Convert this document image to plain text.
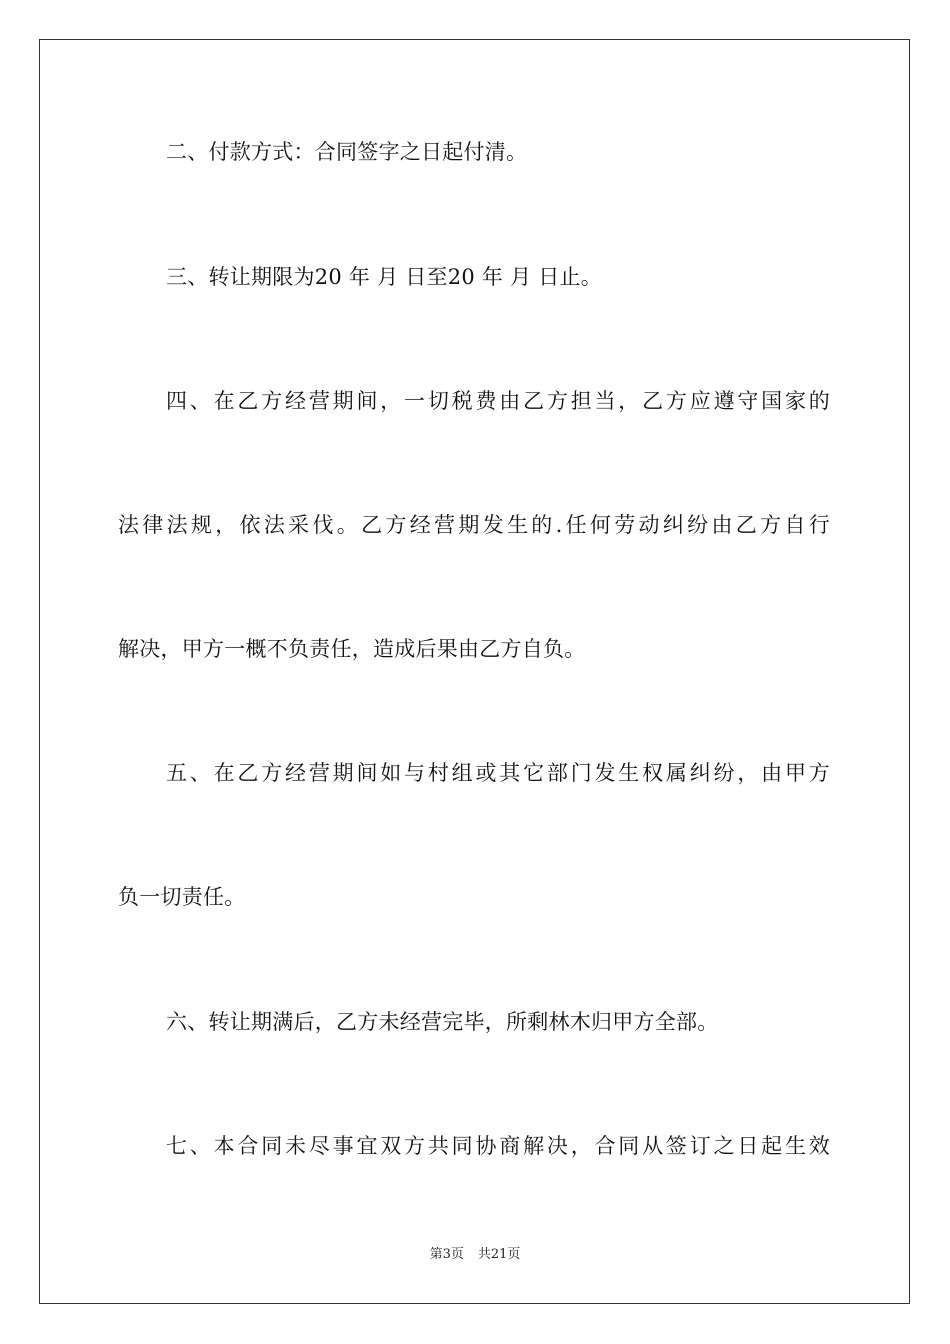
二、付款方式：合同签字之日起付清。
三、转让期限为20 年 月 日至20 年 月 日止。
四、在乙方经营期间，一切税费由乙方担当，乙方应遵守国家的
法律法规，依法采伐。乙方经营期发生的.任何劳动纠纷由乙方自行
解决，甲方一概不负责任，造成后果由乙方自负。
五、在乙方经营期间如与村组或其它部门发生权属纠纷，由甲方
负一切责任。
六、转让期满后，乙方未经营完毕，所剩林木归甲方全部。
七、本合同未尽事宜双方共同协商解决，合同从签订之日起生效
第3页 共21页
